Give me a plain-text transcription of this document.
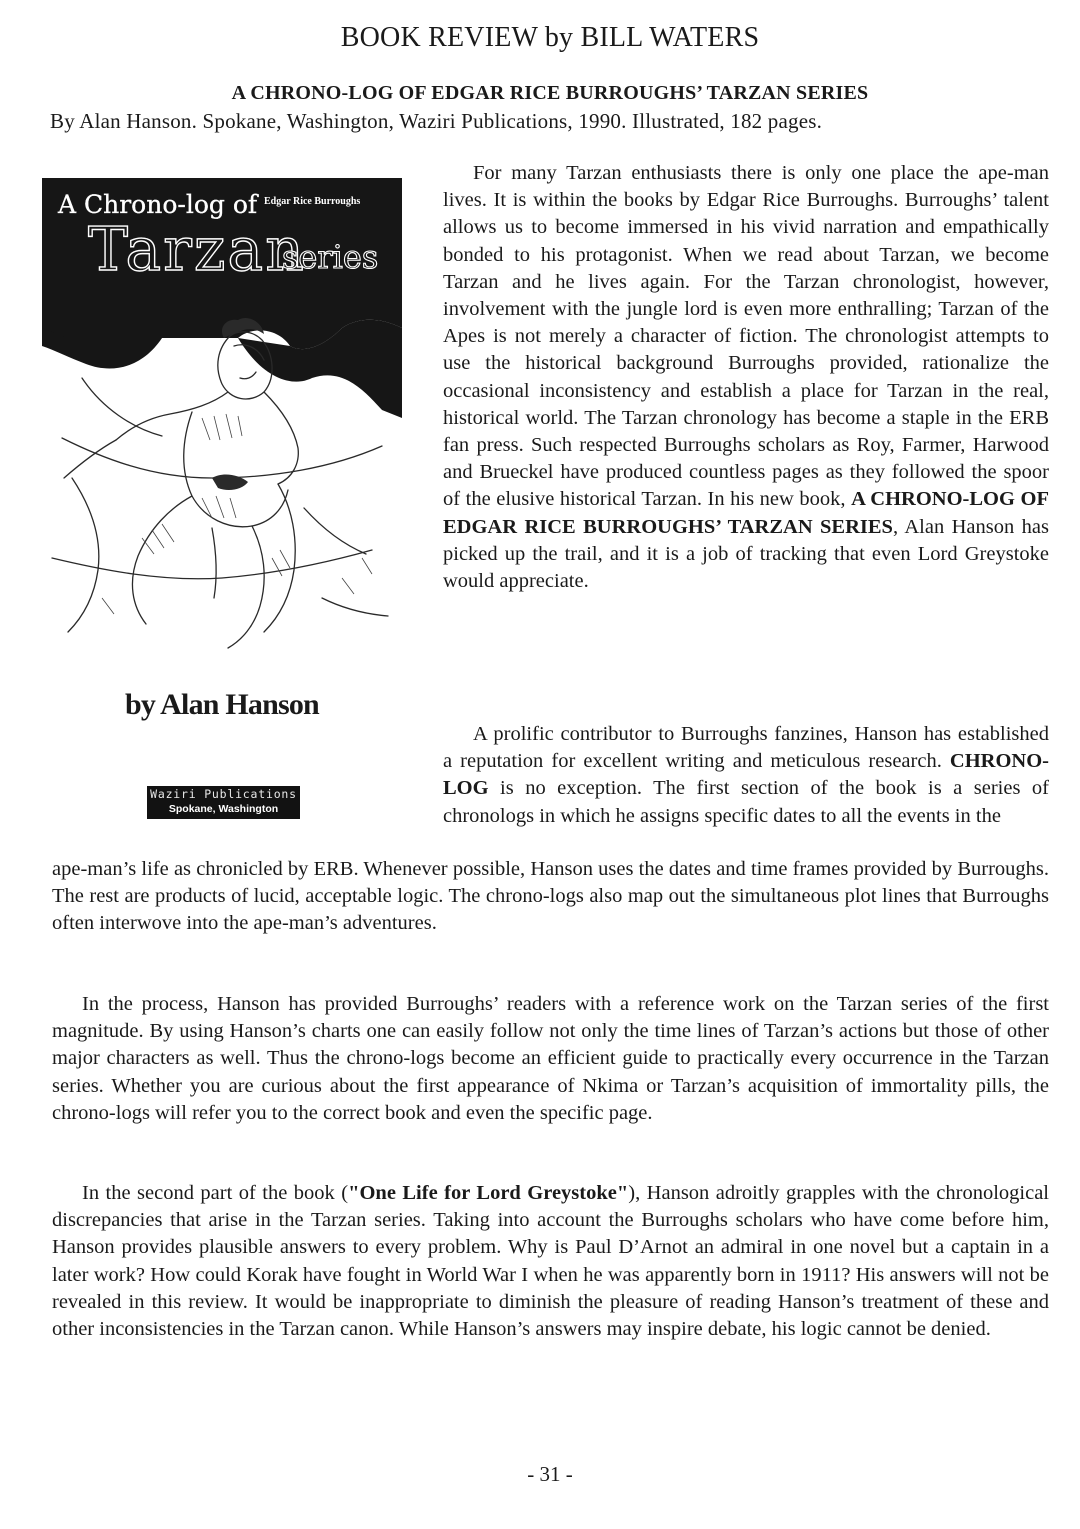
BOOK REVIEW by BILL WATERS
A CHRONO-LOG OF EDGAR RICE BURROUGHS’ TARZAN SERIES
By Alan Hanson. Spokane, Washington, Waziri Publications, 1990. Illustrated, 182 pages.
A Chrono-log of Edgar Rice Burroughs
Tarzan
series
by Alan Hanson
Waziri Publications
Spokane, Washington

For many Tarzan enthusiasts there is only one place the ape-man lives. It is within the books by Edgar Rice Burroughs. Burroughs’ talent allows us to become immersed in his vivid narration and empathically bonded to his protagonist. When we read about Tarzan, we become Tarzan and he lives again. For the Tarzan chronologist, however, involvement with the jungle lord is even more enthralling; Tarzan of the Apes is not merely a character of fiction. The chronologist attempts to use the historical background Burroughs provided, rationalize the occasional inconsistency and establish a place for Tarzan in the real, historical world. The Tarzan chronology has become a staple in the ERB fan press. Such respected Burroughs scholars as Roy, Farmer, Harwood and Brueckel have produced countless pages as they followed the spoor of the elusive historical Tarzan. In his new book, A CHRONO-LOG OF EDGAR RICE BURROUGHS’ TARZAN SERIES, Alan Hanson has picked up the trail, and it is a job of tracking that even Lord Greystoke would appreciate.

A prolific contributor to Burroughs fanzines, Hanson has established a reputation for excellent writing and meticulous research. CHRONO-LOG is no exception. The first section of the book is a series of chronologs in which he assigns specific dates to all the events in the

ape-man’s life as chronicled by ERB. Whenever possible, Hanson uses the dates and time frames provided by Burroughs. The rest are products of lucid, acceptable logic. The chrono-logs also map out the simultaneous plot lines that Burroughs often interwove into the ape-man’s adventures.

In the process, Hanson has provided Burroughs’ readers with a reference work on the Tarzan series of the first magnitude. By using Hanson’s charts one can easily follow not only the time lines of Tarzan’s actions but those of other major characters as well. Thus the chrono-logs become an efficient guide to practically every occurrence in the Tarzan series. Whether you are curious about the first appearance of Nkima or Tarzan’s acquisition of immortality pills, the chrono-logs will refer you to the correct book and even the specific page.

In the second part of the book ("One Life for Lord Greystoke"), Hanson adroitly grapples with the chronological discrepancies that arise in the Tarzan series. Taking into account the Burroughs scholars who have come before him, Hanson provides plausible answers to every problem. Why is Paul D’Arnot an admiral in one novel but a captain in a later work? How could Korak have fought in World War I when he was apparently born in 1911? His answers will not be revealed in this review. It would be inappropriate to diminish the pleasure of reading Hanson’s treatment of these and other inconsistencies in the Tarzan canon. While Hanson’s answers may inspire debate, his logic cannot be denied.

- 31 -
